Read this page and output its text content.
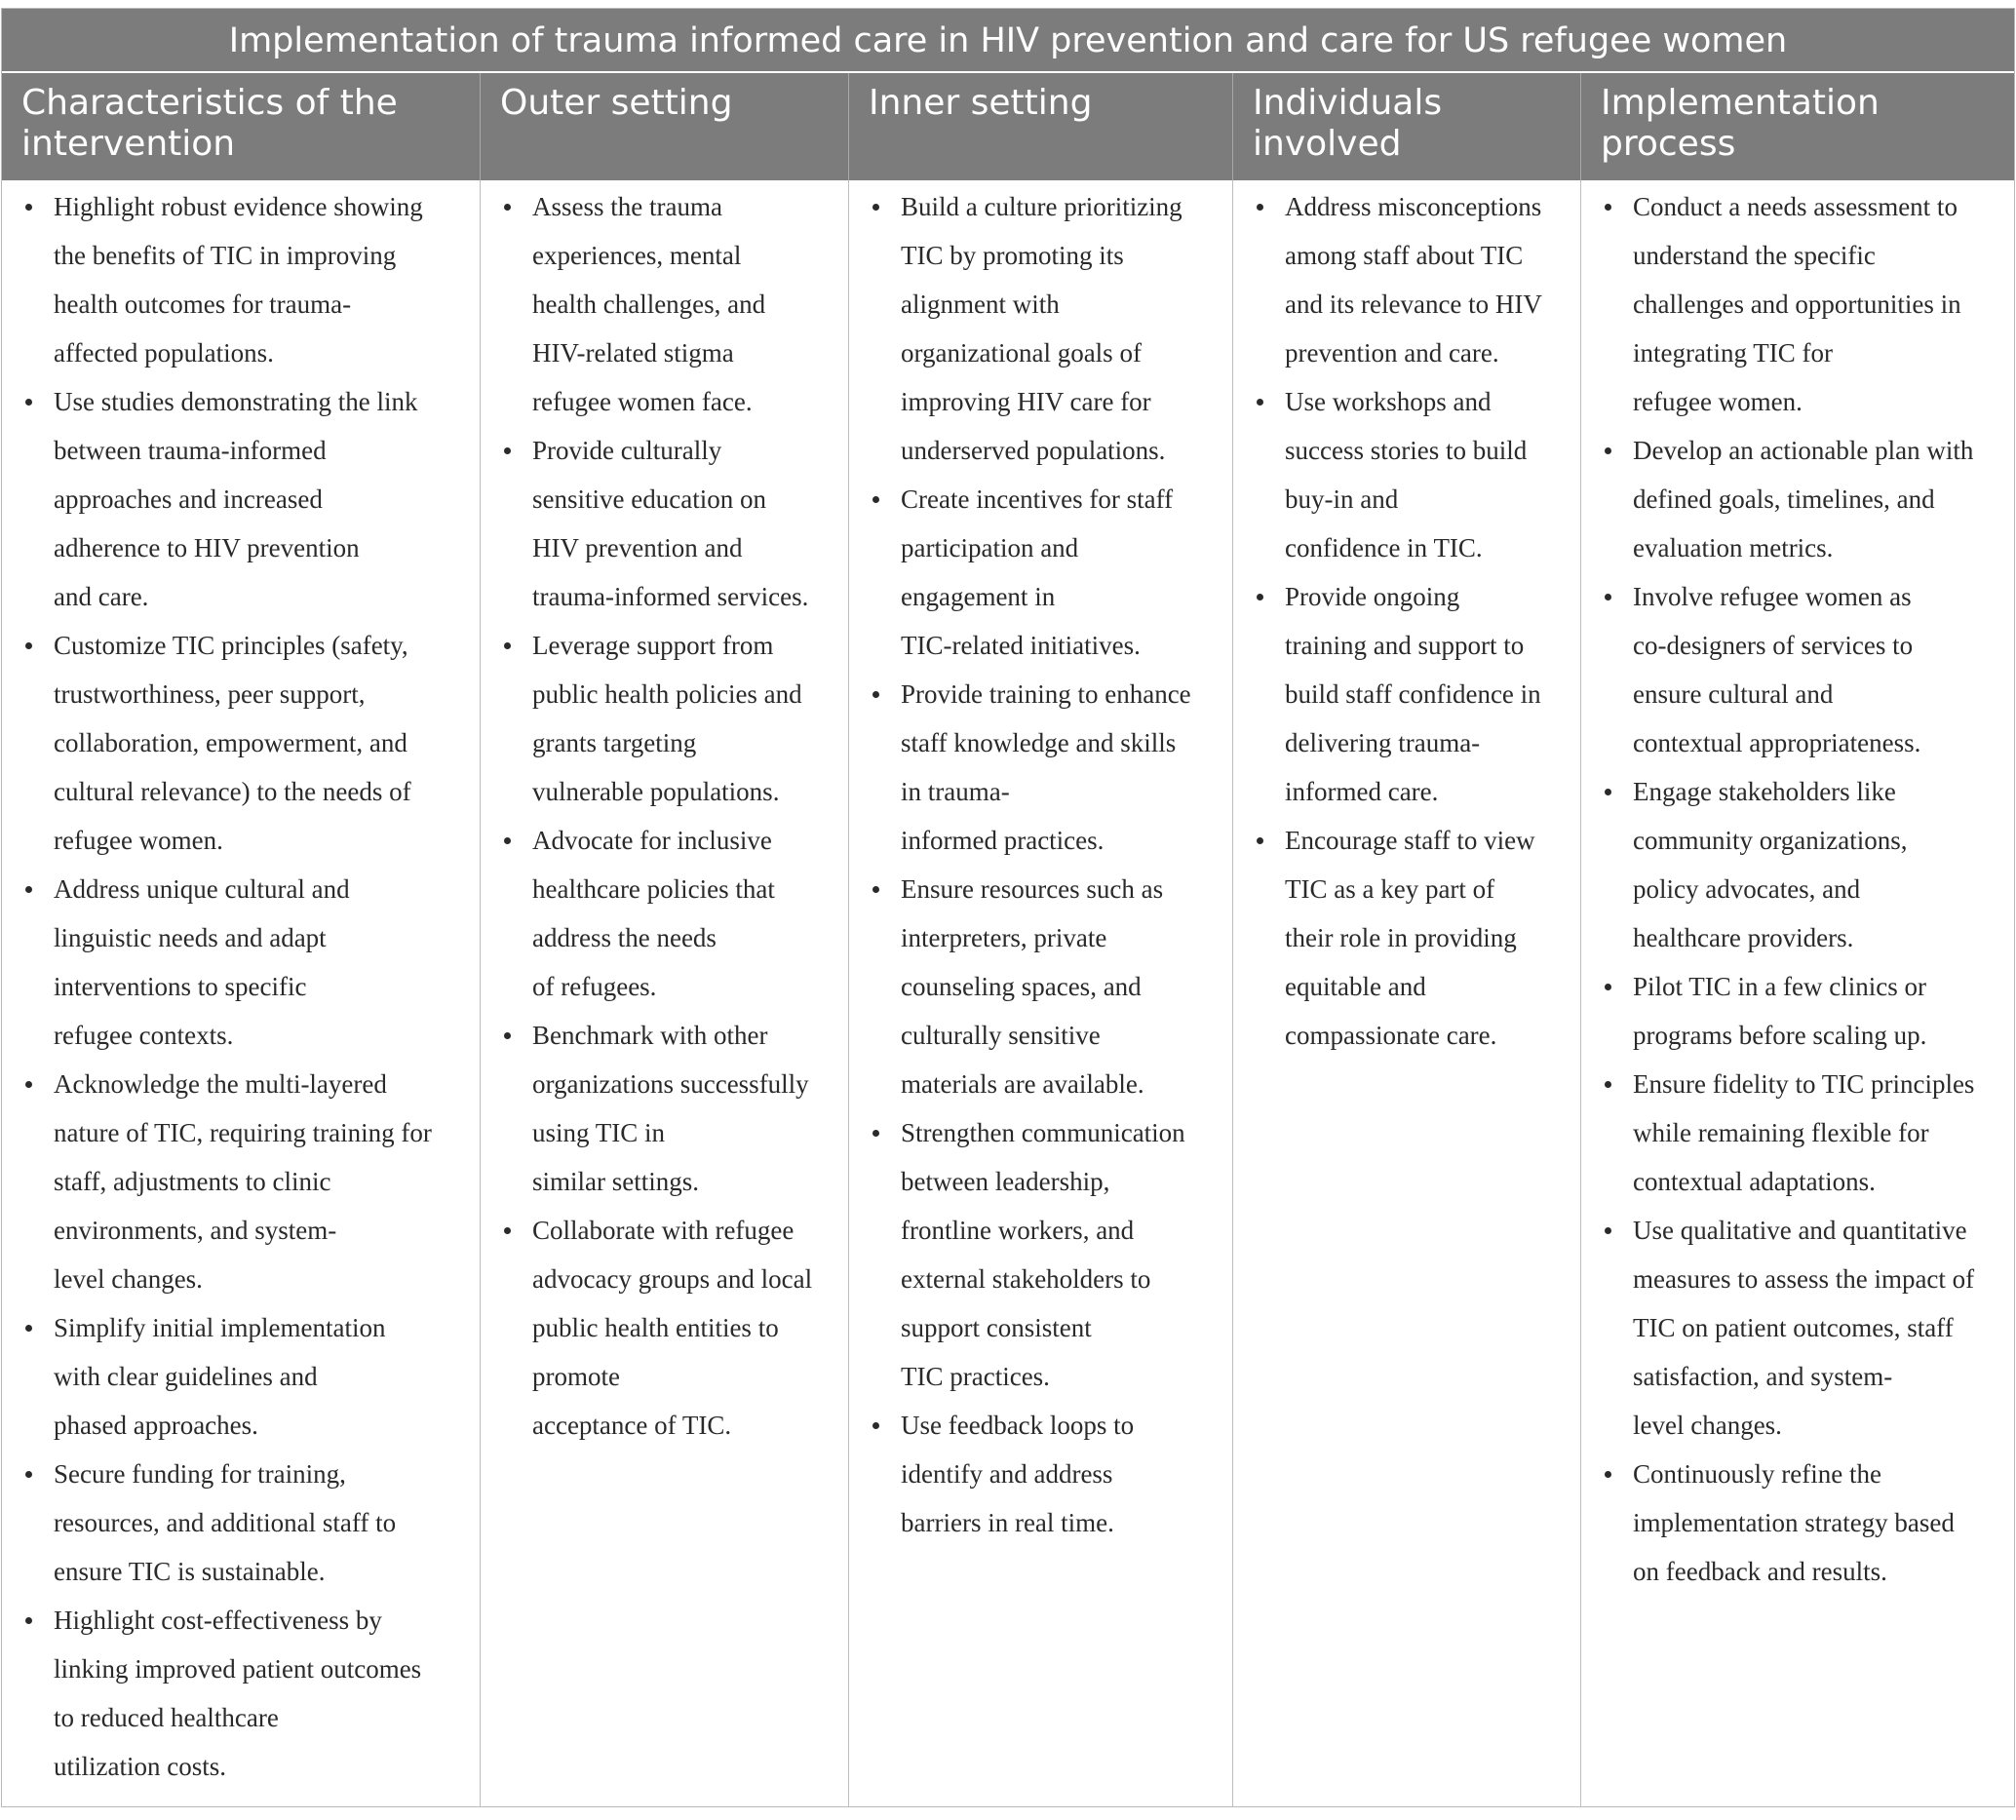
Implementation of trauma informed care in HIV prevention and care for US refugee women
Characteristics of the
intervention
Outer setting	Inner setting	Individuals
involved
Implementation
process
Highlight robust evidence showing
the benefits of TIC in improving
health outcomes for trauma-
affected populations.
Use studies demonstrating the link
between trauma-informed
approaches and increased
adherence to HIV prevention
and care.
Customize TIC principles (safety,
trustworthiness, peer support,
collaboration, empowerment, and
cultural relevance) to the needs of
refugee women.
Address unique cultural and
linguistic needs and adapt
interventions to specific
refugee contexts.
Acknowledge the multi-layered
nature of TIC, requiring training for
staff, adjustments to clinic
environments, and system-
level changes.
Simplify initial implementation
with clear guidelines and
phased approaches.
Secure funding for training,
resources, and additional staff to
ensure TIC is sustainable.
Highlight cost-effectiveness by
linking improved patient outcomes
to reduced healthcare
utilization costs.
Assess the trauma
experiences, mental
health challenges, and
HIV-related stigma
refugee women face.
Provide culturally
sensitive education on
HIV prevention and
trauma-informed services.
Leverage support from
public health policies and
grants targeting
vulnerable populations.
Advocate for inclusive
healthcare policies that
address the needs
of refugees.
Benchmark with other
organizations successfully
using TIC in
similar settings.
Collaborate with refugee
advocacy groups and local
public health entities to
promote
acceptance of TIC.
Build a culture prioritizing
TIC by promoting its
alignment with
organizational goals of
improving HIV care for
underserved populations.
Create incentives for staff
participation and
engagement in
TIC-related initiatives.
Provide training to enhance
staff knowledge and skills
in trauma-
informed practices.
Ensure resources such as
interpreters, private
counseling spaces, and
culturally sensitive
materials are available.
Strengthen communication
between leadership,
frontline workers, and
external stakeholders to
support consistent
TIC practices.
Use feedback loops to
identify and address
barriers in real time.
Address misconceptions
among staff about TIC
and its relevance to HIV
prevention and care.
Use workshops and
success stories to build
buy-in and
confidence in TIC.
Provide ongoing
training and support to
build staff confidence in
delivering trauma-
informed care.
Encourage staff to view
TIC as a key part of
their role in providing
equitable and
compassionate care.
Conduct a needs assessment to
understand the specific
challenges and opportunities in
integrating TIC for
refugee women.
Develop an actionable plan with
defined goals, timelines, and
evaluation metrics.
Involve refugee women as
co-designers of services to
ensure cultural and
contextual appropriateness.
Engage stakeholders like
community organizations,
policy advocates, and
healthcare providers.
Pilot TIC in a few clinics or
programs before scaling up.
Ensure fidelity to TIC principles
while remaining flexible for
contextual adaptations.
Use qualitative and quantitative
measures to assess the impact of
TIC on patient outcomes, staff
satisfaction, and system-
level changes.
Continuously refine the
implementation strategy based
on feedback and results.
